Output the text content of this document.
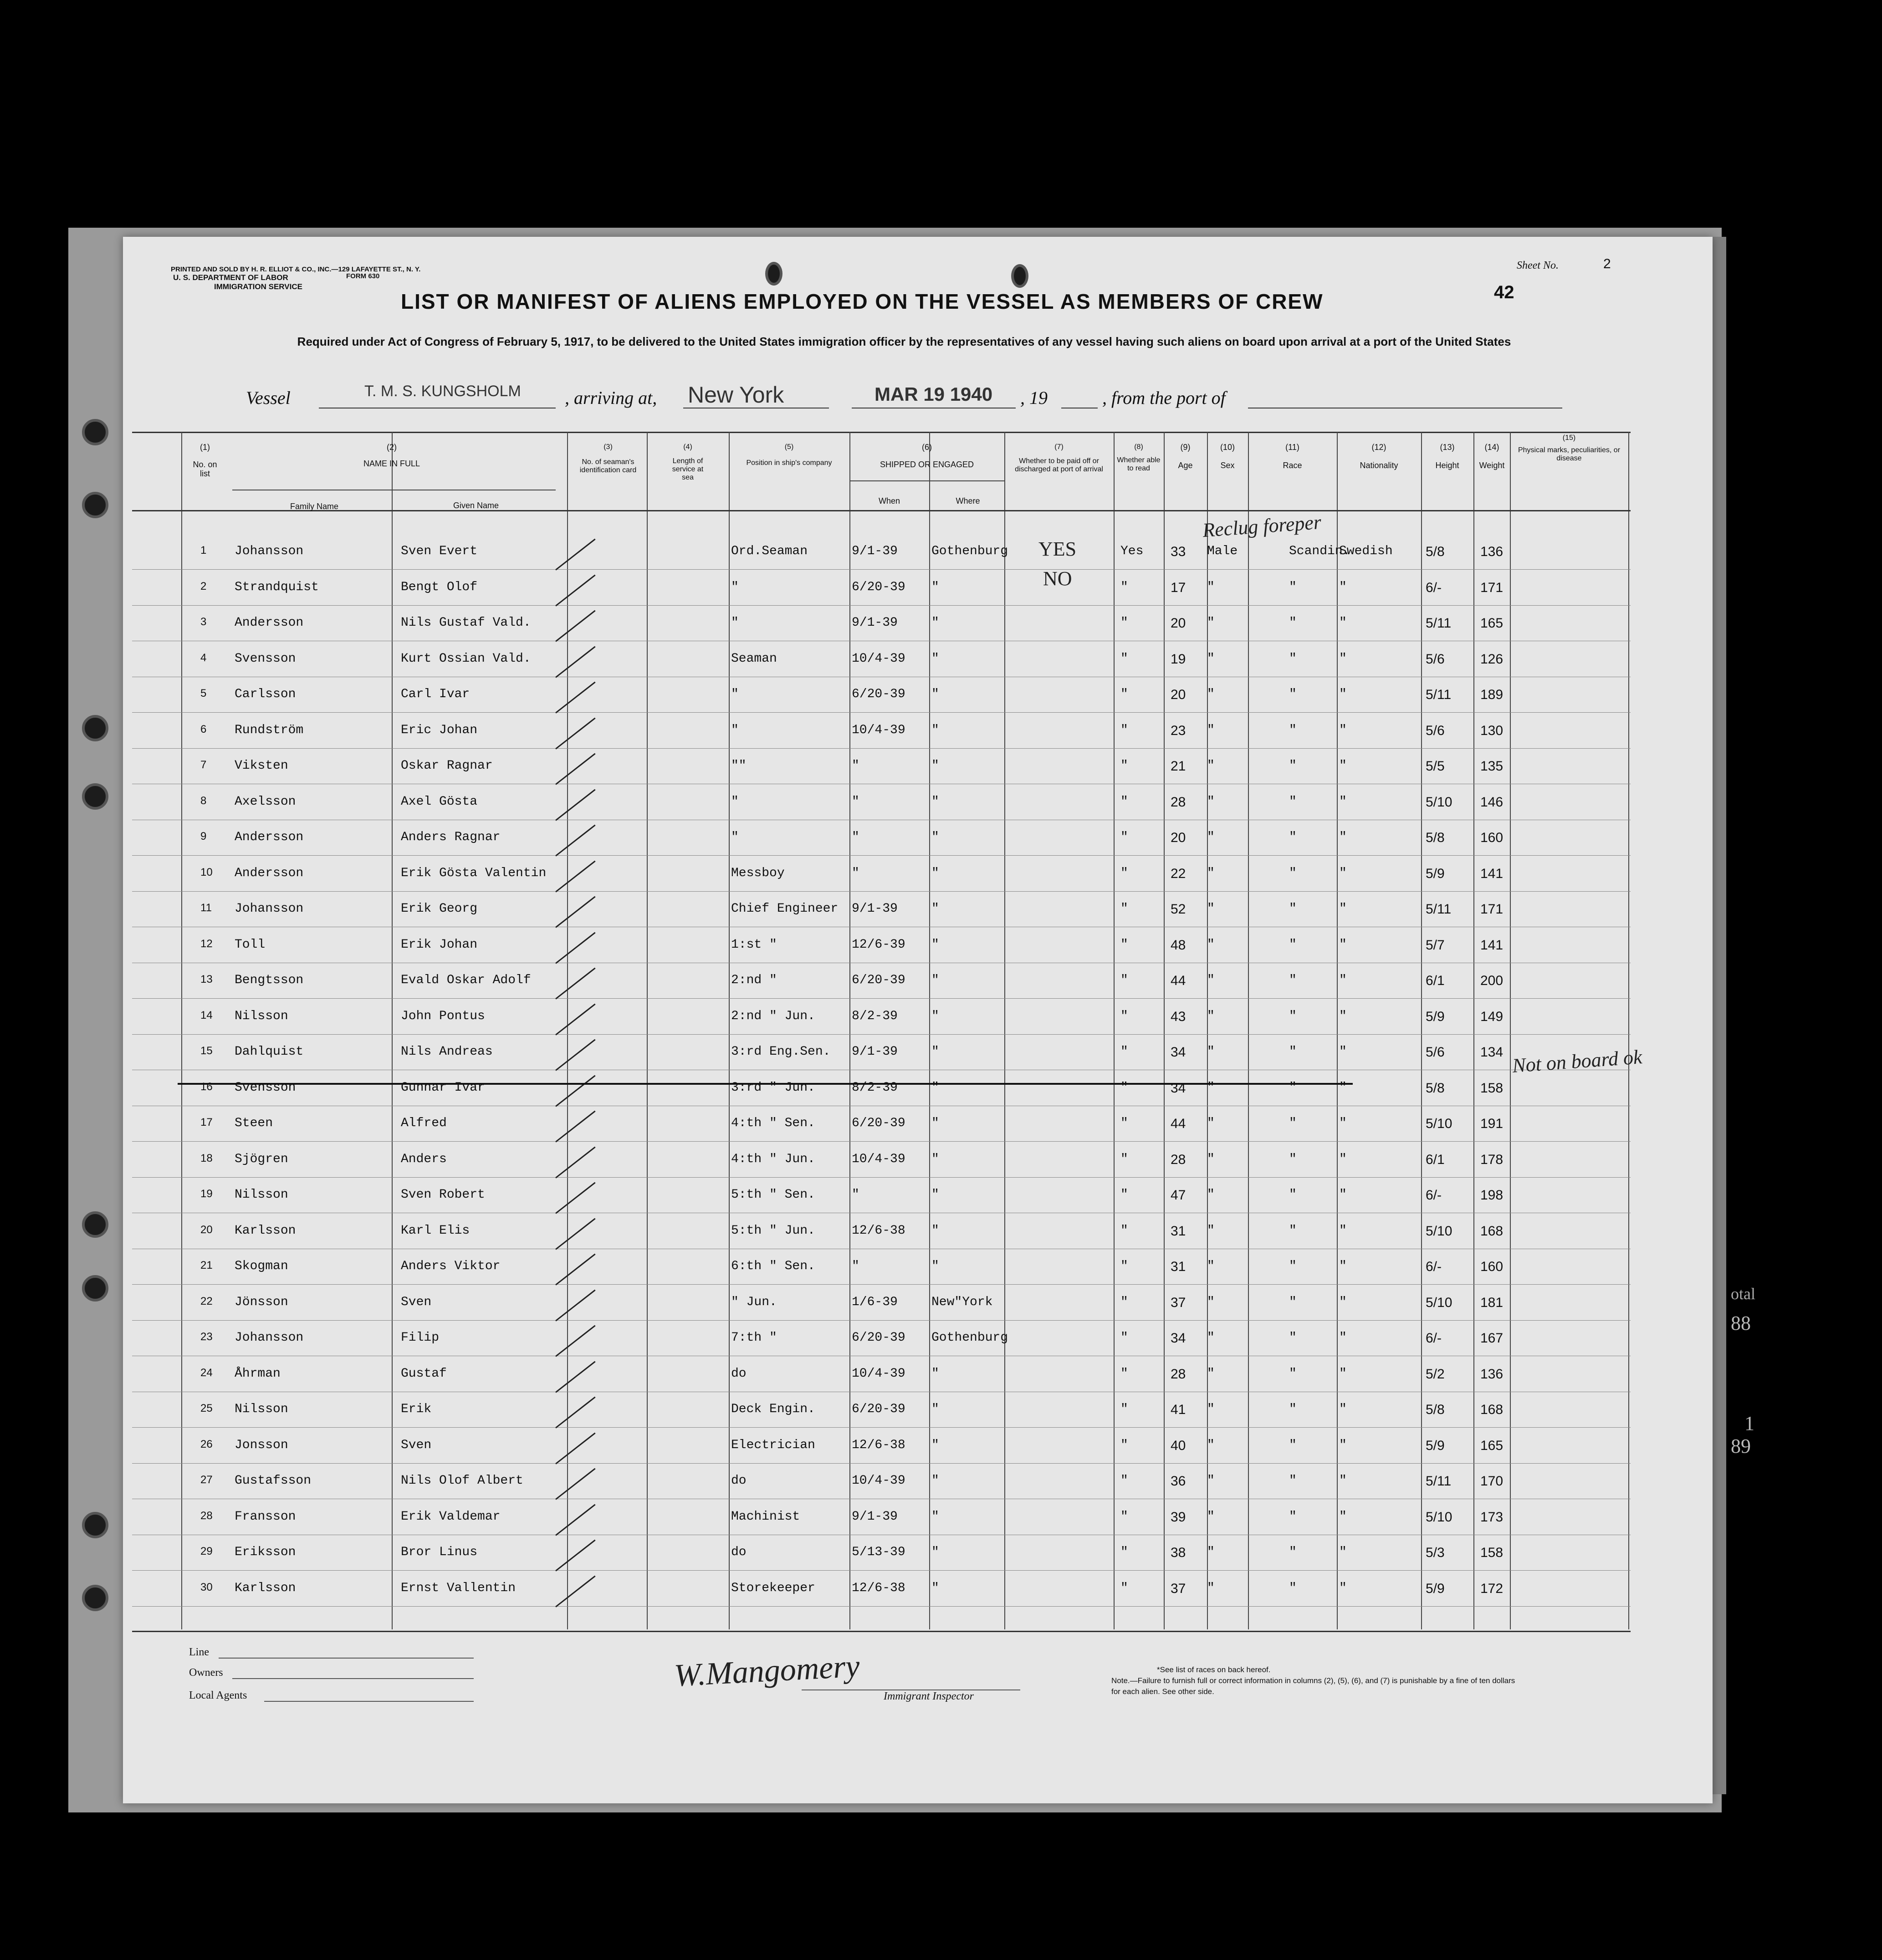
PRINTED AND SOLD BY H. R. ELLIOT & CO., INC.—129 LAFAYETTE ST., N. Y.
U. S. DEPARTMENT OF LABOR
IMMIGRATION SERVICE
FORM 630
Sheet No.	2
42
LIST OR MANIFEST OF ALIENS EMPLOYED ON THE VESSEL AS MEMBERS OF CREW
Required under Act of Congress of February 5, 1917, to be delivered to the United States immigration officer by the representatives of any vessel having such aliens on board upon arrival at a port of the United States
Vessel	T. M. S. KUNGSHOLM , arriving at, New York	MAR 19 1940 , 19	, from the port of
(1)
No. on list
(2)
NAME IN FULL
Family Name	Given Name
(3)
No. of seaman's identification card
(4)
Length of service at sea
(5)
Position in ship's company
(6)
SHIPPED OR ENGAGED
When	Where
(7)
Whether to be paid off or discharged at port of arrival
(8)
Whether able to read
(9)
Age
(10)
Sex
(11)
Race
(12)
Nationality
(13)
Height
(14)
Weight
(15)
Physical marks, peculiarities, or disease
1 Johansson	Sven Evert	Ord.Seaman	9/1-39	Gothenburg	Yes 33 Male	Scandin.
Swedish 5/8	136
2 Strandquist	Bengt Olof	"	6/20-39 "	"	17 "	"	"	6/-	171
3 Andersson	Nils Gustaf Vald.	"	9/1-39	"	"	20 "	"	"	5/11 165
4 Svensson	Kurt Ossian Vald.	Seaman	10/4-39 "	"	19 "	"	"	5/6	126
5 Carlsson	Carl Ivar	"	6/20-39 "	"	20 "	"	"	5/11 189
6 Rundström	Eric Johan	"	10/4-39 "	"	23 "	"	"	5/6	130
7 Viksten	Oskar Ragnar	""	"	"	"	21 "	"	"	5/5	135
8 Axelsson	Axel Gösta	"	"	"	"	28 "	"	"	5/10 146
9 Andersson	Anders Ragnar	"	"	"	"	20 "	"	"	5/8	160
10 Andersson	Erik Gösta Valentin	Messboy	"	"	"	22 "	"	"	5/9	141
11 Johansson	Erik Georg	Chief Engineer 9/1-39	"	"	52 "	"	"	5/11 171
12 Toll	Erik Johan	1:st "	12/6-39 "	"	48 "	"	"	5/7	141
13 Bengtsson	Evald Oskar Adolf	2:nd "	6/20-39 "	"	44 "	"	"	6/1	200
14 Nilsson	John Pontus	2:nd " Jun.	8/2-39	"	"	43 "	"	"	5/9	149
15 Dahlquist	Nils Andreas	3:rd Eng.Sen. 9/1-39	"	"	34 "	"	"	5/6	134
16 Svensson	Gunnar Ivar	3:rd " Jun.	8/2-39	"	"	34 "	"	"	5/8	158
17 Steen	Alfred	4:th " Sen.	6/20-39 "	"	44 "	"	"	5/10 191
18 Sjögren	Anders	4:th " Jun.	10/4-39 "	"	28 "	"	"	6/1	178
19 Nilsson	Sven Robert	5:th " Sen.	"	"	"	47 "	"	"	6/-	198
20 Karlsson	Karl Elis	5:th " Jun.	12/6-38 "	"	31 "	"	"	5/10 168
21 Skogman	Anders Viktor	6:th " Sen.	"	"	"	31 "	"	"	6/-	160
22 Jönsson	Sven	" Jun.	1/6-39	New"York	"	37 "	"	"	5/10 181
23 Johansson	Filip	7:th "	6/20-39 Gothenburg	"	34 "	"	"	6/-	167
24 Åhrman	Gustaf	do	10/4-39 "	"	28 "	"	"	5/2	136
25 Nilsson	Erik	Deck Engin.	6/20-39 "	"	41 "	"	"	5/8	168
26 Jonsson	Sven	Electrician	12/6-38 "	"	40 "	"	"	5/9	165
27 Gustafsson	Nils Olof Albert	do	10/4-39 "	"	36 "	"	"	5/11 170
28 Fransson	Erik Valdemar	Machinist	9/1-39	"	"	39 "	"	"	5/10 173
29 Eriksson	Bror Linus	do	5/13-39 "	"	38 "	"	"	5/3	158
30 Karlsson	Ernst Vallentin	Storekeeper	12/6-38 "	"	37 "	"	"	5/9	172
YES
NO
Reclug foreper
Not on board ok
otal
88
1
89
Line
Owners
Local Agents
W.Mangomery
Immigrant Inspector
*See list of races on back hereof.
Note.—Failure to furnish full or correct information in columns (2), (5), (6), and (7) is punishable by a fine of ten dollars for each alien. See other side.
